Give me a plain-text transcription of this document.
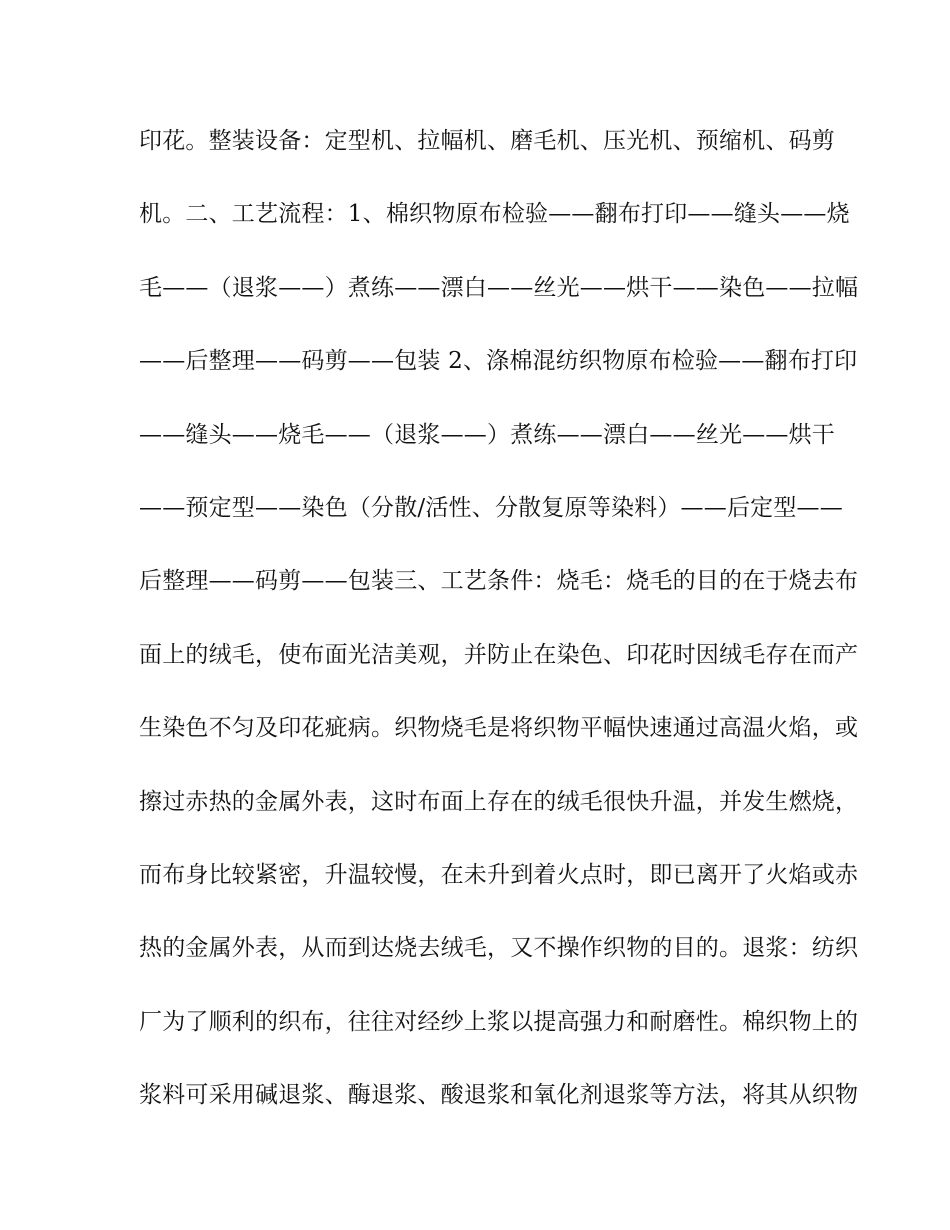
印花。整装设备：定型机、拉幅机、磨毛机、压光机、预缩机、码剪
机。二、工艺流程：1、棉织物原布检验——翻布打印——缝头——烧
毛——（退浆——）煮练——漂白——丝光——烘干——染色——拉幅
——后整理——码剪——包装 2、涤棉混纺织物原布检验——翻布打印
——缝头——烧毛——（退浆——）煮练——漂白——丝光——烘干
——预定型——染色（分散/活性、分散复原等染料）——后定型——
后整理——码剪——包装三、工艺条件：烧毛：烧毛的目的在于烧去布
面上的绒毛，使布面光洁美观，并防止在染色、印花时因绒毛存在而产
生染色不匀及印花疵病。织物烧毛是将织物平幅快速通过高温火焰，或
擦过赤热的金属外表，这时布面上存在的绒毛很快升温，并发生燃烧，
而布身比较紧密，升温较慢，在未升到着火点时，即已离开了火焰或赤
热的金属外表，从而到达烧去绒毛，又不操作织物的目的。退浆：纺织
厂为了顺利的织布，往往对经纱上浆以提高强力和耐磨性。棉织物上的
浆料可采用碱退浆、酶退浆、酸退浆和氧化剂退浆等方法，将其从织物
